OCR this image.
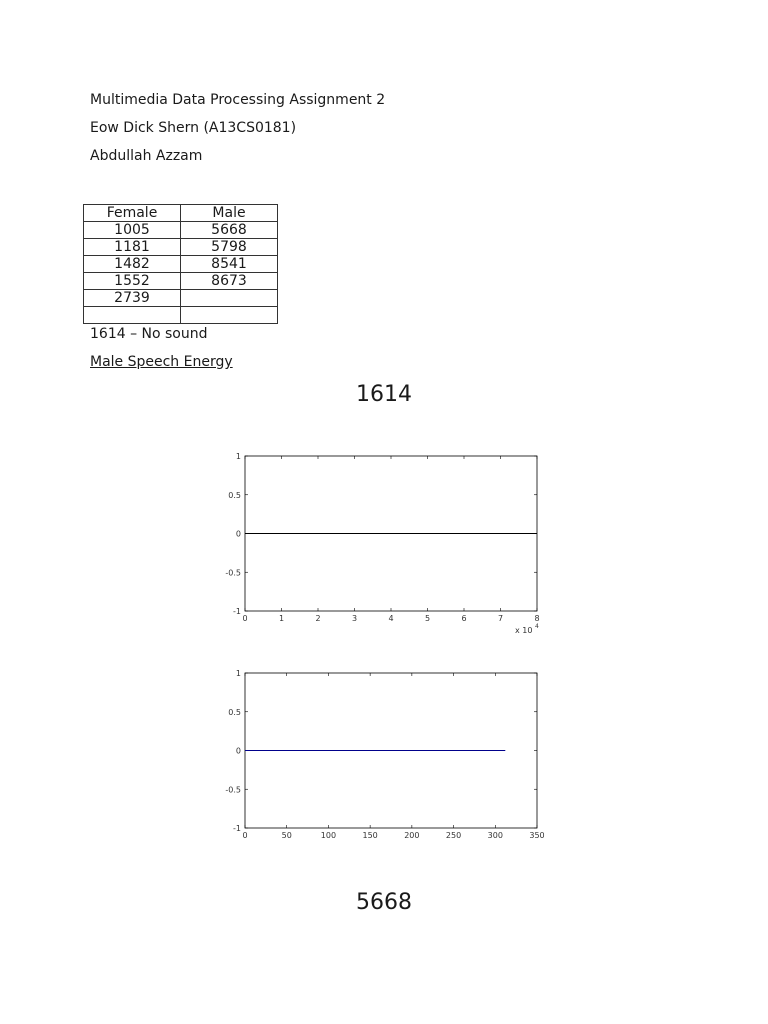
Multimedia Data Processing Assignment 2
Eow Dick Shern (A13CS0181)
Abdullah Azzam
Female	Male
1005	5668
1181	5798
1482	8541
1552	8673
2739	

1614 – No sound
Male Speech Energy
1614
0	1	2	3	4	5	6	7	8
1
0.5
0
-0.5
-1
x 10 4
0	50	100	150	200	250	300	350
1
0.5
0
-0.5
-1
5668
